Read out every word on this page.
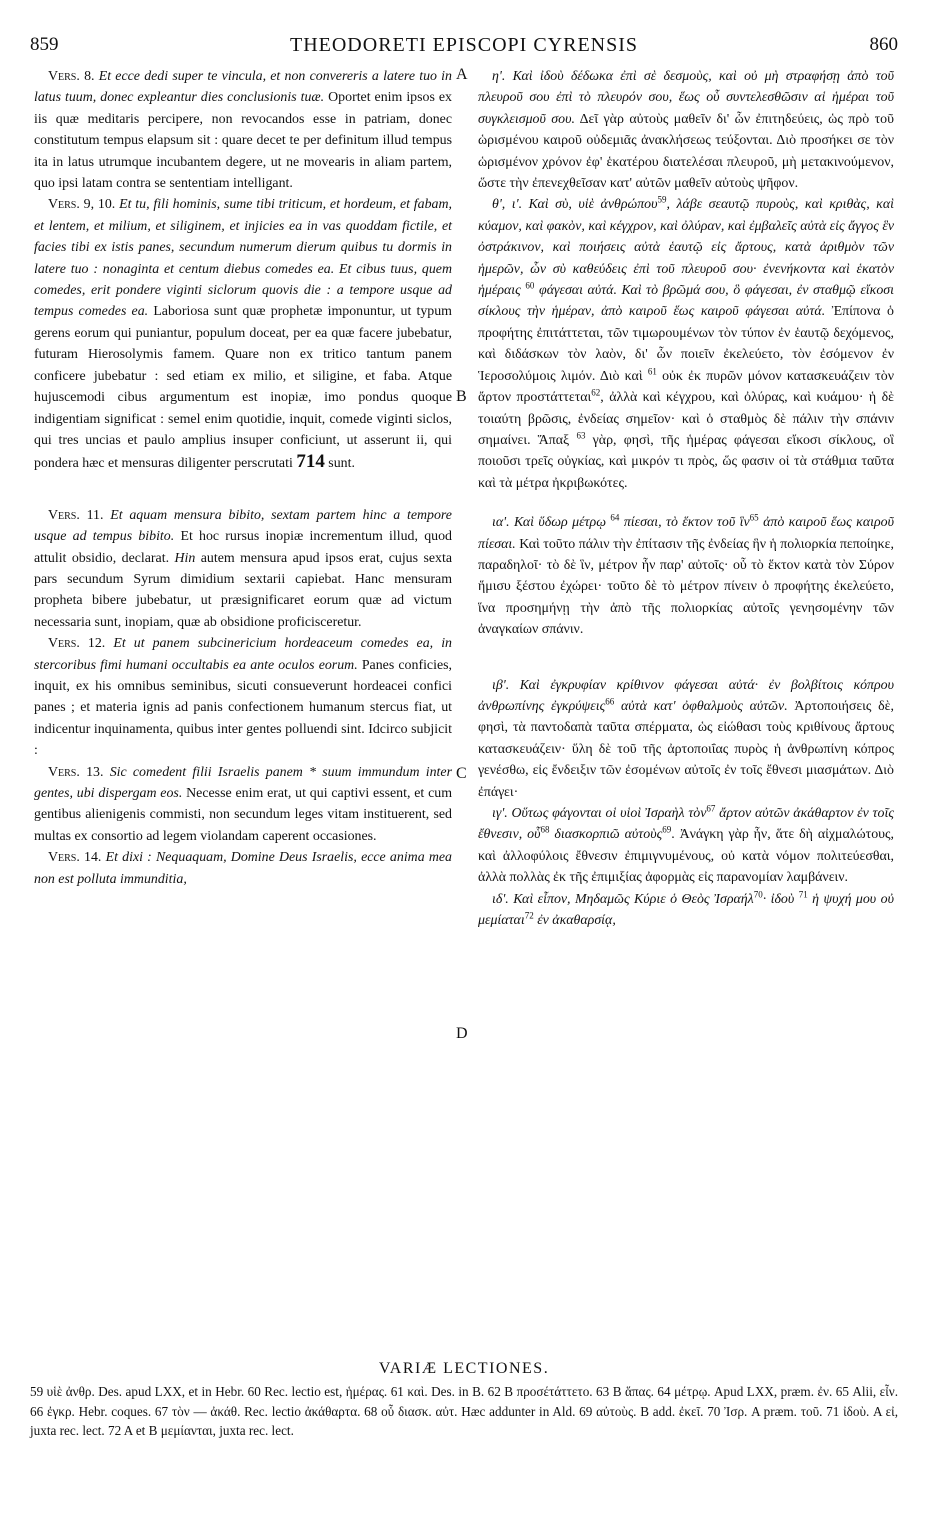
859	THEODORETI EPISCOPI CYRENSIS	860
A
B
C
D

Vers. 8. Et ecce dedi super te vincula, et non convereris a latere tuo in latus tuum, donec expleantur dies conclusionis tuæ. Oportet enim ipsos ex iis quæ meditaris percipere, non revocandos esse in patriam, donec constitutum tempus elapsum sit : quare decet te per definitum illud tempus ita in latus utrumque incubantem degere, ut ne movearis in aliam partem, quo ipsi latam contra se sententiam intelligant.

Vers. 9, 10. Et tu, fili hominis, sume tibi triticum, et hordeum, et fabam, et lentem, et milium, et siliginem, et injicies ea in vas quoddam fictile, et facies tibi ex istis panes, secundum numerum dierum quibus tu dormis in latere tuo : nonaginta et centum diebus comedes ea. Et cibus tuus, quem comedes, erit pondere viginti siclorum quovis die : a tempore usque ad tempus comedes ea. Laboriosa sunt quæ prophetæ imponuntur, ut typum gerens eorum qui puniantur, populum doceat, per ea quæ facere jubebatur, futuram Hierosolymis famem. Quare non ex tritico tantum panem conficere jubebatur : sed etiam ex milio, et siligine, et faba. Atque hujuscemodi cibus argumentum est inopiæ, imo pondus quoque indigentiam significat : semel enim quotidie, inquit, comede viginti siclos, qui tres uncias et paulo amplius insuper conficiunt, ut asserunt ii, qui pondera hæc et mensuras diligenter perscrutati 714 sunt.

Vers. 11. Et aquam mensura bibito, sextam partem hinc a tempore usque ad tempus bibito. Et hoc rursus inopiæ incrementum illud, quod attulit obsidio, declarat. Hin autem mensura apud ipsos erat, cujus sexta pars secundum Syrum dimidium sextarii capiebat. Hanc mensuram propheta bibere jubebatur, ut præsignificaret eorum quæ ad victum necessaria sunt, inopiam, quæ ab obsidione proficisceretur.

Vers. 12. Et ut panem subcinericium hordeaceum comedes ea, in stercoribus fimi humani occultabis ea ante oculos eorum. Panes conficies, inquit, ex his omnibus seminibus, sicuti consueverunt hordeacei confici panes ; et materia ignis ad panis confectionem humanum stercus fiat, ut indicentur inquinamenta, quibus inter gentes polluendi sint. Idcirco subjicit :

Vers. 13. Sic comedent filii Israelis panem * suum immundum inter gentes, ubi dispergam eos. Necesse enim erat, ut qui captivi essent, et cum gentibus alienigenis commisti, non secundum leges vitam instituerent, sed multas ex consortio ad legem violandam caperent occasiones.

Vers. 14. Et dixi : Nequaquam, Domine Deus Israelis, ecce anima mea non est polluta immunditia,

η'. Καὶ ἰδοὺ δέδωκα ἐπὶ σὲ δεσμοὺς, καὶ οὐ μὴ στραφήσῃ ἀπὸ τοῦ πλευροῦ σου ἐπὶ τὸ πλευρόν σου, ἕως οὗ συντελεσθῶσιν αἱ ἡμέραι τοῦ συγκλεισμοῦ σου. Δεῖ γὰρ αὐτοὺς μαθεῖν δι' ὧν ἐπιτηδεύεις, ὡς πρὸ τοῦ ὡρισμένου καιροῦ οὐδεμιᾶς ἀνακλήσεως τεύξονται. Διὸ προσήκει σε τὸν ὡρισμένον χρόνον ἐφ' ἑκατέρου διατελέσαι πλευροῦ, μὴ μετακινούμενον, ὥστε τὴν ἐπενεχθεῖσαν κατ' αὐτῶν μαθεῖν αὐτοὺς ψῆφον.

θ', ι'. Καὶ σὺ, υἱὲ ἀνθρώπου$^{59}$, λάβε σεαυτῷ πυροὺς, καὶ κριθὰς, καὶ κύαμον, καὶ φακὸν, καὶ κέγχρον, καὶ ὀλύραν, καὶ ἐμβαλεῖς αὐτὰ εἰς ἄγγος ἓν ὀστράκινον, καὶ ποιήσεις αὐτὰ ἑαυτῷ εἰς ἄρτους, κατὰ ἀριθμὸν τῶν ἡμερῶν, ὧν σὺ καθεύδεις ἐπὶ τοῦ πλευροῦ σου· ἐνενήκοντα καὶ ἑκατὸν ἡμέραις $^{60}$ φάγεσαι αὐτά. Καὶ τὸ βρῶμά σου, ὃ φάγεσαι, ἐν σταθμῷ εἴκοσι σίκλους τὴν ἡμέραν, ἀπὸ καιροῦ ἕως καιροῦ φάγεσαι αὐτά. Ἐπίπονα ὁ προφήτης ἐπιτάττεται, τῶν τιμωρουμένων τὸν τύπον ἐν ἑαυτῷ δεχόμενος, καὶ διδάσκων τὸν λαὸν, δι' ὧν ποιεῖν ἐκελεύετο, τὸν ἐσόμενον ἐν Ἱεροσολύμοις λιμόν. Διὸ καὶ $^{61}$ οὐκ ἐκ πυρῶν μόνον κατασκευάζειν τὸν ἄρτον προστάττεται$^{62}$, ἀλλὰ καὶ κέγχρου, καὶ ὀλύρας, καὶ κυάμου· ἡ δὲ τοιαύτη βρῶσις, ἐνδείας σημεῖον· καὶ ὁ σταθμὸς δὲ πάλιν τὴν σπάνιν σημαίνει. Ἅπαξ $^{63}$ γὰρ, φησὶ, τῆς ἡμέρας φάγεσαι εἴκοσι σίκλους, οἳ ποιοῦσι τρεῖς οὐγκίας, καὶ μικρόν τι πρὸς, ὥς φασιν οἱ τὰ στάθμια ταῦτα καὶ τὰ μέτρα ἠκριβωκότες.

ια'. Καὶ ὕδωρ μέτρῳ $^{64}$ πίεσαι, τὸ ἕκτον τοῦ ἳν$^{65}$ ἀπὸ καιροῦ ἕως καιροῦ πίεσαι. Καὶ τοῦτο πάλιν τὴν ἐπίτασιν τῆς ἐνδείας ἣν ἡ πολιορκία πεποίηκε, παραδηλοῖ· τὸ δὲ ἳν, μέτρον ἦν παρ' αὐτοῖς· οὗ τὸ ἕκτον κατὰ τὸν Σύρον ἥμισυ ξέστου ἐχώρει· τοῦτο δὲ τὸ μέτρον πίνειν ὁ προφήτης ἐκελεύετο, ἵνα προσημήνῃ τὴν ἀπὸ τῆς πολιορκίας αὐτοῖς γενησομένην τῶν ἀναγκαίων σπάνιν.

ιβ'. Καὶ ἐγκρυφίαν κρίθινον φάγεσαι αὐτά· ἐν βολβίτοις κόπρου ἀνθρωπίνης ἐγκρύψεις$^{66}$ αὐτὰ κατ' ὀφθαλμοὺς αὐτῶν. Ἀρτοποιήσεις δὲ, φησὶ, τὰ παντοδαπὰ ταῦτα σπέρματα, ὡς εἰώθασι τοὺς κριθίνους ἄρτους κατασκευάζειν· ὕλη δὲ τοῦ τῆς ἀρτοποιΐας πυρὸς ἡ ἀνθρωπίνη κόπρος γενέσθω, εἰς ἔνδειξιν τῶν ἐσομένων αὐτοῖς ἐν τοῖς ἔθνεσι μιασμάτων. Διὸ ἐπάγει·

ιγ'. Οὕτως φάγονται οἱ υἱοὶ Ἰσραὴλ τὸν$^{67}$ ἄρτον αὐτῶν ἀκάθαρτον ἐν τοῖς ἔθνεσιν, οὗ$^{68}$ διασκορπιῶ αὐτοὺς$^{69}$. Ἀνάγκη γὰρ ἦν, ἅτε δὴ αἰχμαλώτους, καὶ ἀλλοφύλοις ἔθνεσιν ἐπιμιγνυμένους, οὐ κατὰ νόμον πολιτεύεσθαι, ἀλλὰ πολλὰς ἐκ τῆς ἐπιμιξίας ἀφορμὰς εἰς παρανομίαν λαμβάνειν.

ιδ'. Καὶ εἶπον, Μηδαμῶς Κύριε ὁ Θεὸς Ἰσραήλ$^{70}$· ἰδοὺ $^{71}$ ἡ ψυχή μου οὐ μεμίαται$^{72}$ ἐν ἀκαθαρσίᾳ,

VARIÆ LECTIONES.
59 υἱὲ ἀνθρ. Des. apud LXX, et in Hebr. 60 Rec. lectio est, ἡμέρας. 61 καὶ. Des. in B. 62 B προσέτάττετο. 63 B ἅπας. 64 μέτρῳ. Apud LXX, præm. ἐν. 65 Alii, εἶν. 66 ἐγκρ. Hebr. coques. 67 τὸν — ἀκάθ. Rec. lectio ἀκάθαρτα. 68 οὗ διασκ. αὐτ. Hæc addunter in Ald. 69 αὐτοὺς. B add. ἐκεῖ. 70 Ἰσρ. A præm. τοῦ. 71 ἰδοὺ. A εἰ, juxta rec. lect. 72 A et B μεμίανται, juxta rec. lect.
